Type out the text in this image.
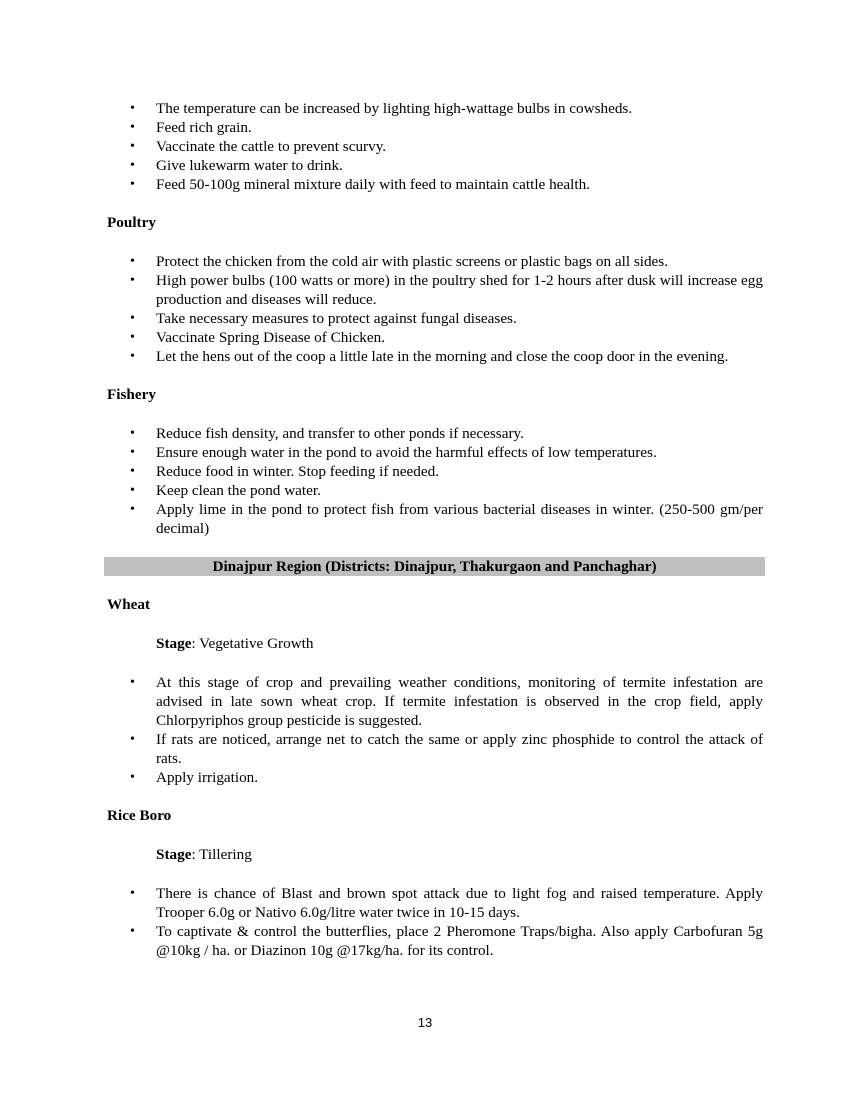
• The temperature can be increased by lighting high-wattage bulbs in cowsheds.
• Feed rich grain.
• Vaccinate the cattle to prevent scurvy.
• Give lukewarm water to drink.
• Feed 50-100g mineral mixture daily with feed to maintain cattle health.

Poultry

• Protect the chicken from the cold air with plastic screens or plastic bags on all sides.
• High power bulbs (100 watts or more) in the poultry shed for 1-2 hours after dusk will increase egg production and diseases will reduce.
• Take necessary measures to protect against fungal diseases.
• Vaccinate Spring Disease of Chicken.
• Let the hens out of the coop a little late in the morning and close the coop door in the evening.

Fishery

• Reduce fish density, and transfer to other ponds if necessary.
• Ensure enough water in the pond to avoid the harmful effects of low temperatures.
• Reduce food in winter. Stop feeding if needed.
• Keep clean the pond water.
• Apply lime in the pond to protect fish from various bacterial diseases in winter. (250-500 gm/per decimal)
Dinajpur Region (Districts: Dinajpur, Thakurgaon and Panchaghar)

Wheat

Stage: Vegetative Growth

• At this stage of crop and prevailing weather conditions, monitoring of termite infestation are advised in late sown wheat crop. If termite infestation is observed in the crop field, apply Chlorpyriphos group pesticide is suggested.
• If rats are noticed, arrange net to catch the same or apply zinc phosphide to control the attack of rats.
• Apply irrigation.

Rice Boro

Stage: Tillering

• There is chance of Blast and brown spot attack due to light fog and raised temperature. Apply Trooper 6.0g or Nativo 6.0g/litre water twice in 10-15 days.
• To captivate & control the butterflies, place 2 Pheromone Traps/bigha. Also apply Carbofuran 5g @10kg / ha. or Diazinon 10g @17kg/ha. for its control.
13
